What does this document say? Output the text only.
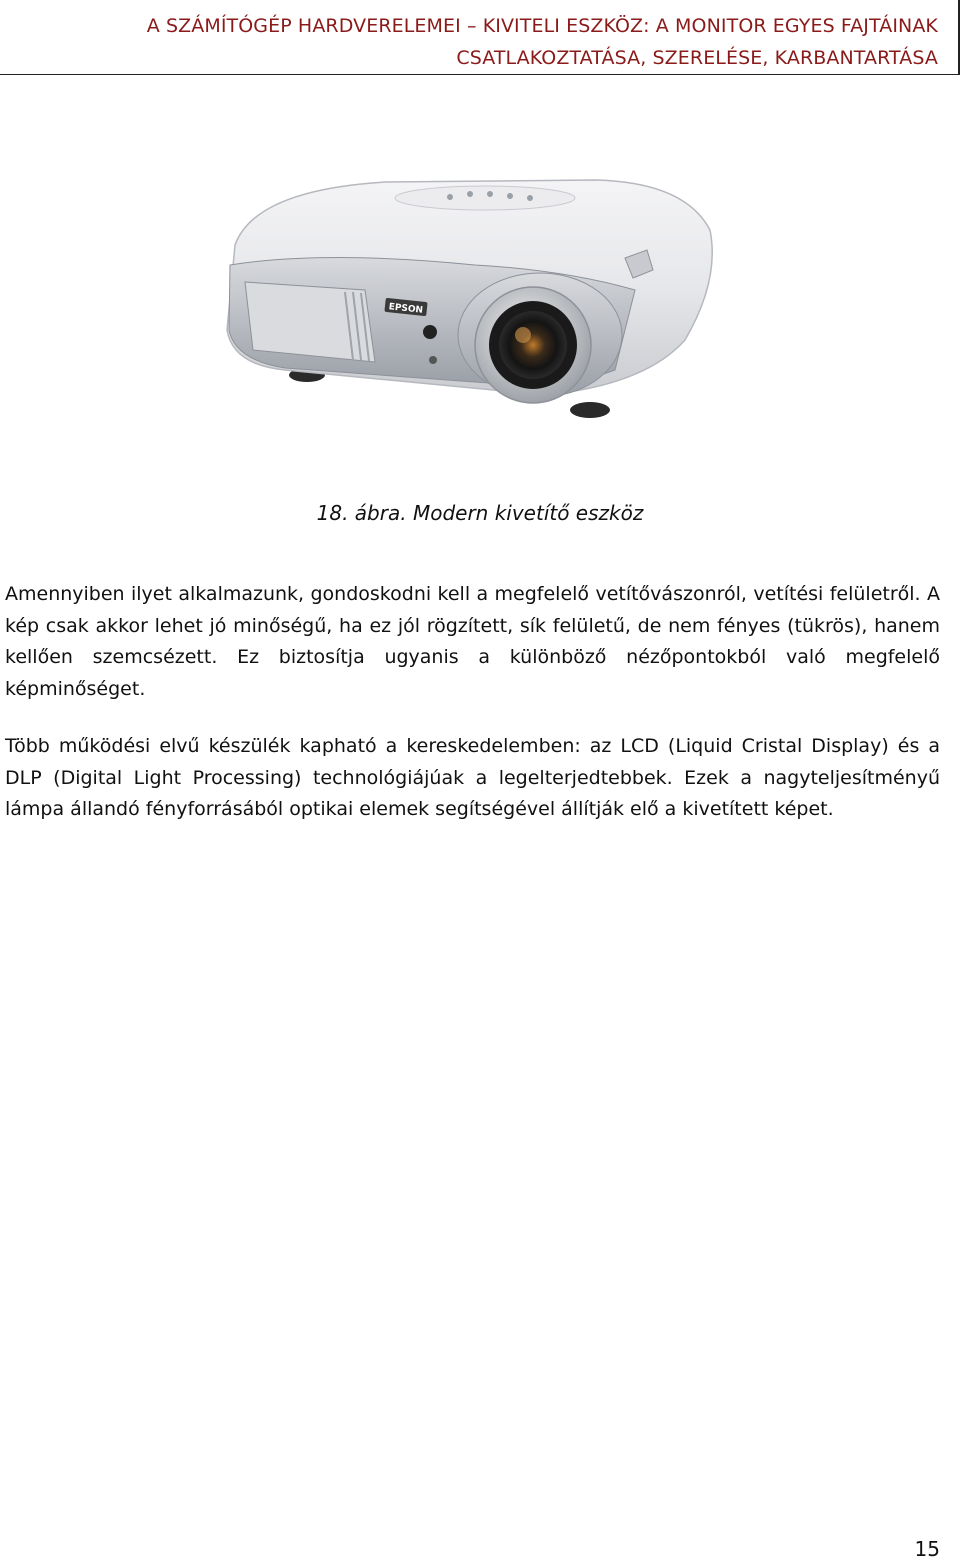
A SZÁMÍTÓGÉP HARDVERELEMEI – KIVITELI ESZKÖZ: A MONITOR EGYES FAJTÁINAK
CSATLAKOZTATÁSA, SZERELÉSE, KARBANTARTÁSA
EPSON
18. ábra. Modern kivetítő eszköz

Amennyiben ilyet alkalmazunk, gondoskodni kell a megfelelő vetítővászonról, vetítési felületről. A kép csak akkor lehet jó minőségű, ha ez jól rögzített, sík felületű, de nem fényes (tükrös), hanem kellően szemcsézett. Ez biztosítja ugyanis a különböző nézőpontokból való megfelelő képminőséget.

Több működési elvű készülék kapható a kereskedelemben: az LCD (Liquid Cristal Display) és a DLP (Digital Light Processing) technológiájúak a legelterjedtebbek. Ezek a nagyteljesítményű lámpa állandó fényforrásából optikai elemek segítségével állítják elő a kivetített képet.

15
